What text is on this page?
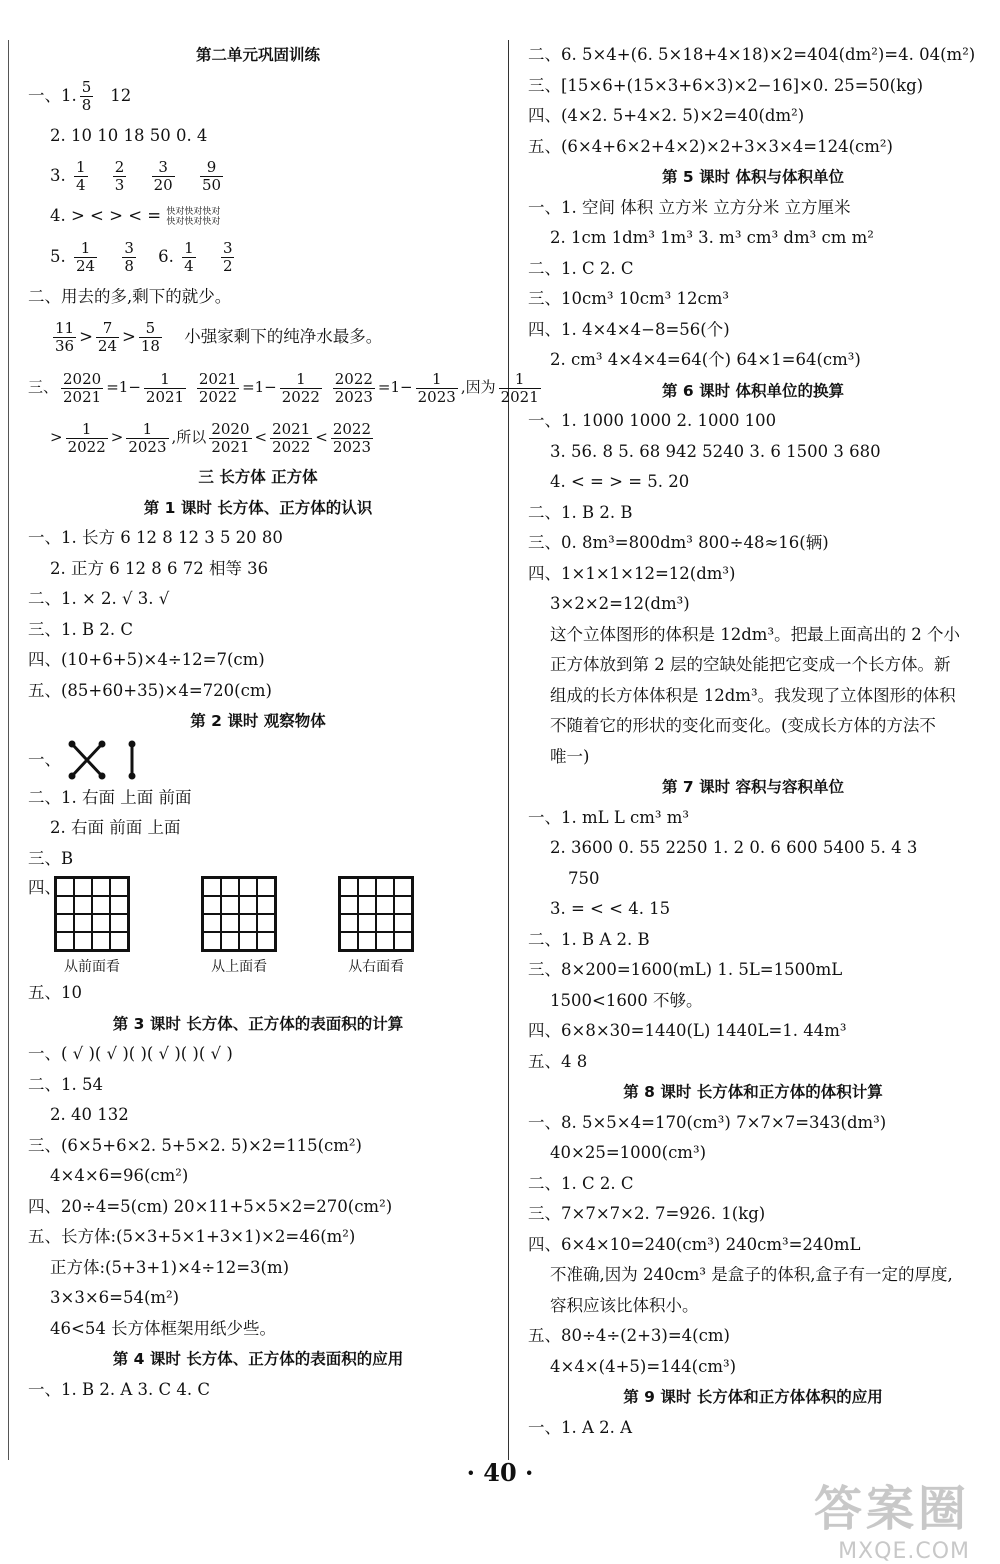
第二单元巩固训练
一、1. $\frac{5}{8} 12$
2. 10 10 18 50 0. 4
3. $\frac{1}{4}$
$\frac{2}{3}$
$\frac{3}{20}$
$\frac{9}{50}$
4. > < > < = 快对快对快对快对快对快对
5. $\frac{1}{24}$
$\frac{3}{8} 6$. $\frac{1}{4}$
$\frac{3}{2}$
二、用去的多,剩下的就少。
$\frac{11}{36} > \frac{7}{24} > \frac{5}{18}$ 小强家剩下的纯净水最多。
三、 $\frac{2020}{2021} =1- \frac{1}{2021}$
$\frac{2021}{2022} =1- \frac{1}{2022}$
$\frac{2022}{2023} =1- \frac{1}{2023}$ ,因为 $\frac{1}{2021}$
> $\frac{1}{2022} > \frac{1}{2023}$ ,所以 $\frac{2020}{2021} < \frac{2021}{2022} < \frac{2022}{2023}$
三 长方体 正方体
第 1 课时 长方体、正方体的认识
一、1. 长方 6 12 8 12 3 5 20 80
2. 正方 6 12 8 6 72 相等 36
二、1. × 2. √ 3. √
三、1. B 2. C
四、(10+6+5)×4÷12=7(cm)
五、(85+60+35)×4=720(cm)
第 2 课时 观察物体
一、
二、1. 右面 上面 前面
2. 右面 前面 上面
三、B
四、
从前面看
	从上面看
	从右面看
五、10
第 3 课时 长方体、正方体的表面积的计算
一、( √ )( √ )( )( √ )( )( √ )
二、1. 54
2. 40 132
三、(6×5+6×2. 5+5×2. 5)×2=115(cm²)
4×4×6=96(cm²)
四、20÷4=5(cm) 20×11+5×5×2=270(cm²)
五、长方体:(5×3+5×1+3×1)×2=46(m²)
正方体:(5+3+1)×4÷12=3(m)
3×3×6=54(m²)
46<54 长方体框架用纸少些。
第 4 课时 长方体、正方体的表面积的应用
一、1. B 2. A 3. C 4. C
二、6. 5×4+(6. 5×18+4×18)×2=404(dm²)=4. 04(m²)
三、[15×6+(15×3+6×3)×2−16]×0. 25=50(kg)
四、(4×2. 5+4×2. 5)×2=40(dm²)
五、(6×4+6×2+4×2)×2+3×3×4=124(cm²)
第 5 课时 体积与体积单位
一、1. 空间 体积 立方米 立方分米 立方厘米
2. 1cm 1dm³ 1m³ 3. m³ cm³ dm³ cm m²
二、1. C 2. C
三、10cm³ 10cm³ 12cm³
四、1. 4×4×4−8=56(个)
2. cm³ 4×4×4=64(个) 64×1=64(cm³)
第 6 课时 体积单位的换算
一、1. 1000 1000 2. 1000 100
3. 56. 8 5. 68 942 5240 3. 6 1500 3 680
4. < = > = 5. 20
二、1. B 2. B
三、0. 8m³=800dm³ 800÷48≈16(辆)
四、1×1×1×12=12(dm³)
3×2×2=12(dm³)
这个立体图形的体积是 12dm³。把最上面高出的 2 个小
正方体放到第 2 层的空缺处能把它变成一个长方体。新
组成的长方体体积是 12dm³。我发现了立体图形的体积
不随着它的形状的变化而变化。(变成长方体的方法不
唯一)
第 7 课时 容积与容积单位
一、1. mL L cm³ m³
2. 3600 0. 55 2250 1. 2 0. 6 600 5400 5. 4 3
750
3. = < < 4. 15
二、1. B A 2. B
三、8×200=1600(mL) 1. 5L=1500mL
1500<1600 不够。
四、6×8×30=1440(L) 1440L=1. 44m³
五、4 8
第 8 课时 长方体和正方体的体积计算
一、8. 5×5×4=170(cm³) 7×7×7=343(dm³)
40×25=1000(cm³)
二、1. C 2. C
三、7×7×7×2. 7=926. 1(kg)
四、6×4×10=240(cm³) 240cm³=240mL
不准确,因为 240cm³ 是盒子的体积,盒子有一定的厚度,
容积应该比体积小。
五、80÷4÷(2+3)=4(cm)
4×4×(4+5)=144(cm³)
第 9 课时 长方体和正方体体积的应用
一、1. A 2. A
· 40 ·
答案圈
MXQE.COM
